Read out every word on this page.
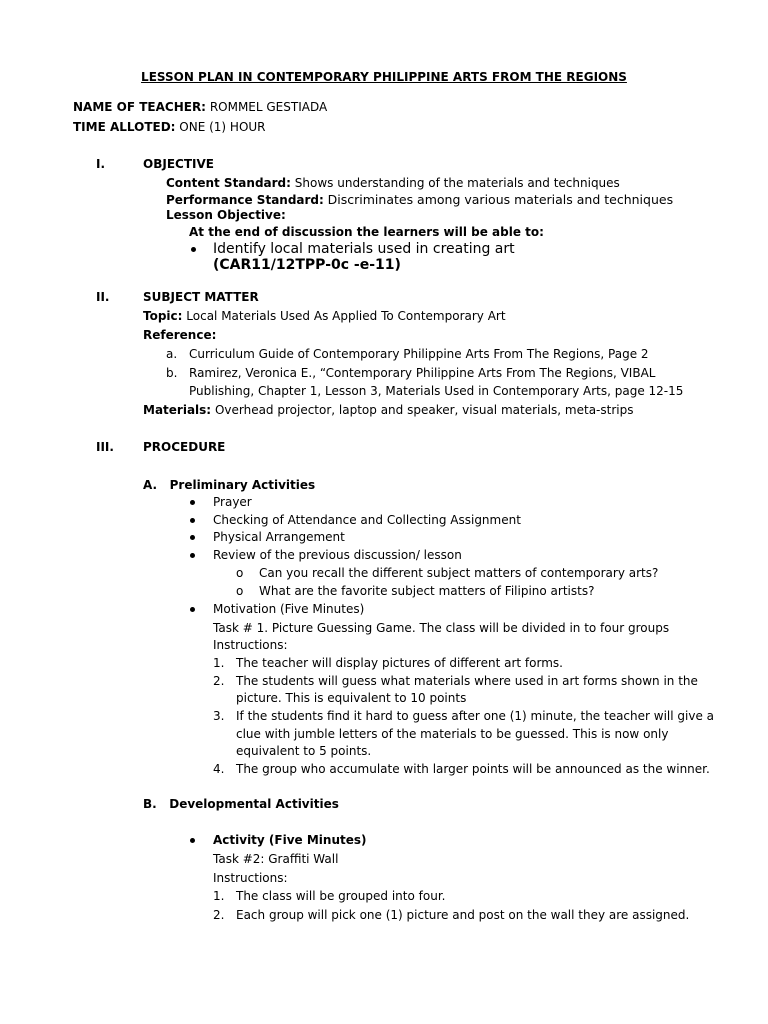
LESSON PLAN IN CONTEMPORARY PHILIPPINE ARTS FROM THE REGIONS
NAME OF TEACHER: ROMMEL GESTIADA
TIME ALLOTED: ONE (1) HOUR
I.	OBJECTIVE
Content Standard: Shows understanding of the materials and techniques
Performance Standard: Discriminates among various materials and techniques
Lesson Objective:
At the end of discussion the learners will be able to:
Identify local materials used in creating art
(CAR11/12TPP-0c -e-11)
II.	SUBJECT MATTER
Topic: Local Materials Used As Applied To Contemporary Art
Reference:
a. Curriculum Guide of Contemporary Philippine Arts From The Regions, Page 2
b. Ramirez, Veronica E., “Contemporary Philippine Arts From The Regions, VIBAL
Publishing, Chapter 1, Lesson 3, Materials Used in Contemporary Arts, page 12-15
Materials: Overhead projector, laptop and speaker, visual materials, meta-strips
III. PROCEDURE
A.   Preliminary Activities
Prayer
Checking of Attendance and Collecting Assignment
Physical Arrangement
Review of the previous discussion/ lesson
o Can you recall the different subject matters of contemporary arts?
o What are the favorite subject matters of Filipino artists?
Motivation (Five Minutes)
Task # 1. Picture Guessing Game. The class will be divided in to four groups
Instructions:
1. The teacher will display pictures of different art forms.
2. The students will guess what materials where used in art forms shown in the
picture. This is equivalent to 10 points
3. If the students find it hard to guess after one (1) minute, the teacher will give a
clue with jumble letters of the materials to be guessed. This is now only
equivalent to 5 points.
4. The group who accumulate with larger points will be announced as the winner.
B.   Developmental Activities
Activity (Five Minutes)
Task #2: Graffiti Wall
Instructions:
1. The class will be grouped into four.
2. Each group will pick one (1) picture and post on the wall they are assigned.
